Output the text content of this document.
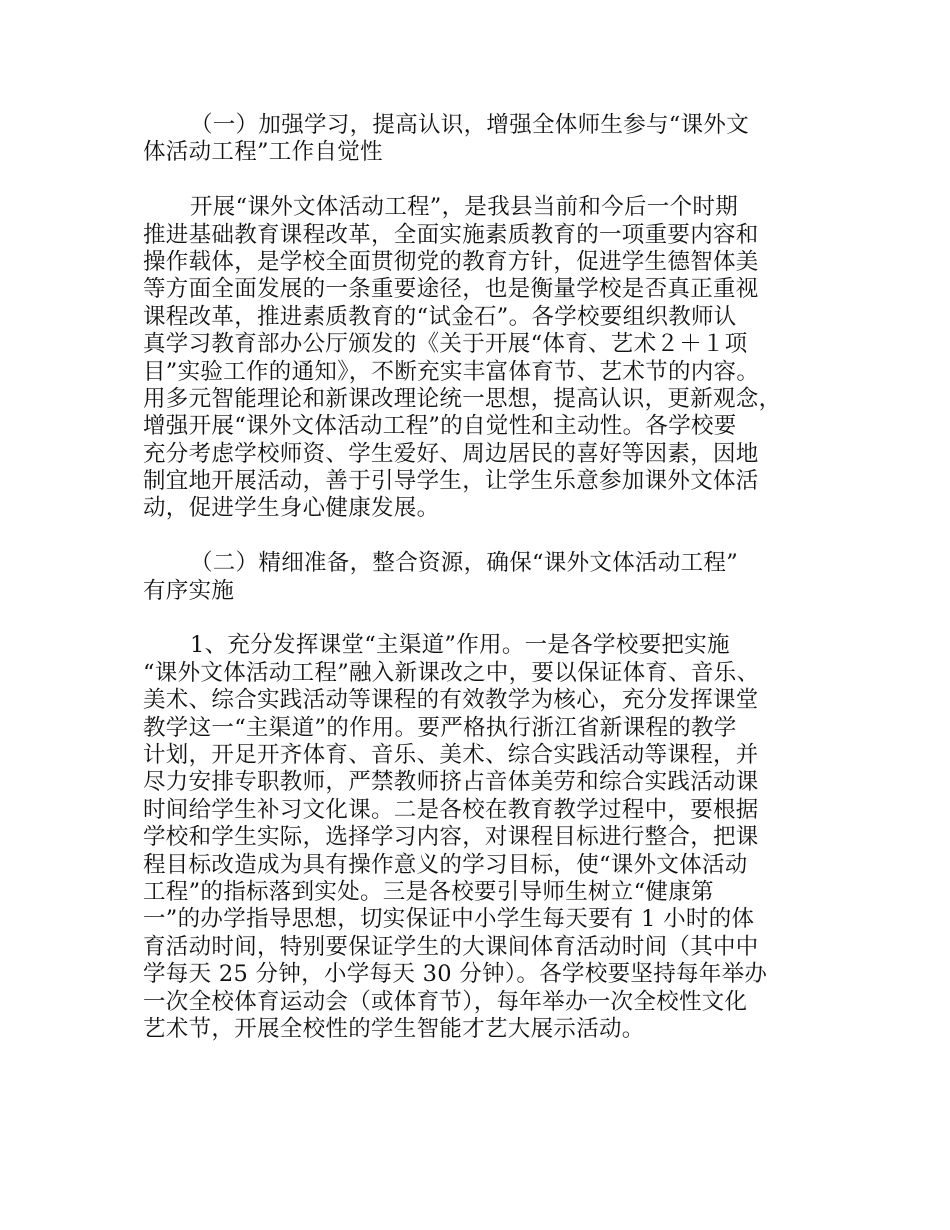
（一）加强学习，提高认识，增强全体师生参与“课外文
体活动工程”工作自觉性
开展“课外文体活动工程”，是我县当前和今后一个时期
推进基础教育课程改革，全面实施素质教育的一项重要内容和
操作载体，是学校全面贯彻党的教育方针，促进学生德智体美
等方面全面发展的一条重要途径，也是衡量学校是否真正重视
课程改革，推进素质教育的“试金石”。各学校要组织教师认
真学习教育部办公厅颁发的《关于开展“体育、艺术２＋１项
目”实验工作的通知》，不断充实丰富体育节、艺术节的内容。
用多元智能理论和新课改理论统一思想，提高认识，更新观念，
增强开展“课外文体活动工程”的自觉性和主动性。各学校要
充分考虑学校师资、学生爱好、周边居民的喜好等因素，因地
制宜地开展活动，善于引导学生，让学生乐意参加课外文体活
动，促进学生身心健康发展。
（二）精细准备，整合资源，确保“课外文体活动工程”
有序实施
1、充分发挥课堂“主渠道”作用。一是各学校要把实施
“课外文体活动工程”融入新课改之中，要以保证体育、音乐、
美术、综合实践活动等课程的有效教学为核心，充分发挥课堂
教学这一“主渠道”的作用。要严格执行浙江省新课程的教学
计划，开足开齐体育、音乐、美术、综合实践活动等课程，并
尽力安排专职教师，严禁教师挤占音体美劳和综合实践活动课
时间给学生补习文化课。二是各校在教育教学过程中，要根据
学校和学生实际，选择学习内容，对课程目标进行整合，把课
程目标改造成为具有操作意义的学习目标，使“课外文体活动
工程”的指标落到实处。三是各校要引导师生树立“健康第
一”的办学指导思想，切实保证中小学生每天要有 1 小时的体
育活动时间，特别要保证学生的大课间体育活动时间（其中中
学每天 25 分钟，小学每天 30 分钟）。各学校要坚持每年举办
一次全校体育运动会（或体育节），每年举办一次全校性文化
艺术节，开展全校性的学生智能才艺大展示活动。
